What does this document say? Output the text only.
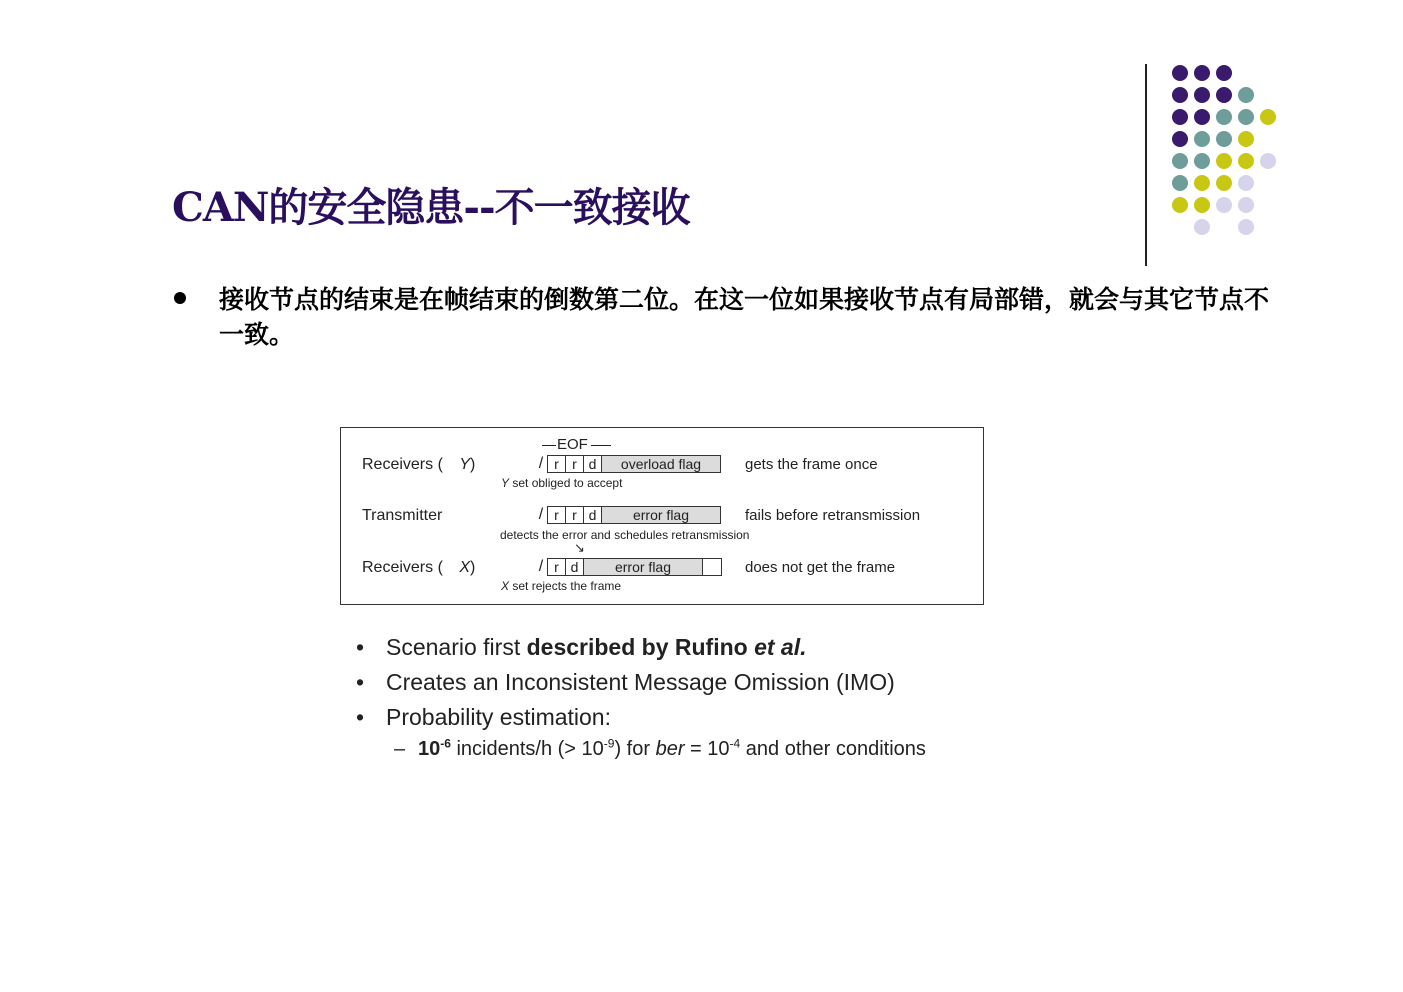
CAN的安全隐患--不一致接收
接收节点的结束是在帧结束的倒数第二位。在这一位如果接收节点有局部错，就会与其它节点不一致。
EOF
Receivers ( Y)	/ r r d	overload flag	gets the frame once
Y set obliged to accept
Transmitter	/ r r d	error flag	fails before retransmission
detects the error and schedules retransmission
↘
Receivers ( X)	/ r d	error flag	does not get the frame
X set rejects the frame
• Scenario first described by Rufino et al.
• Creates an Inconsistent Message Omission (IMO)
• Probability estimation:
– $10^{-6}$ incidents/h (> $10^{-9}$) for ber = $10^{-4}$ and other conditions
